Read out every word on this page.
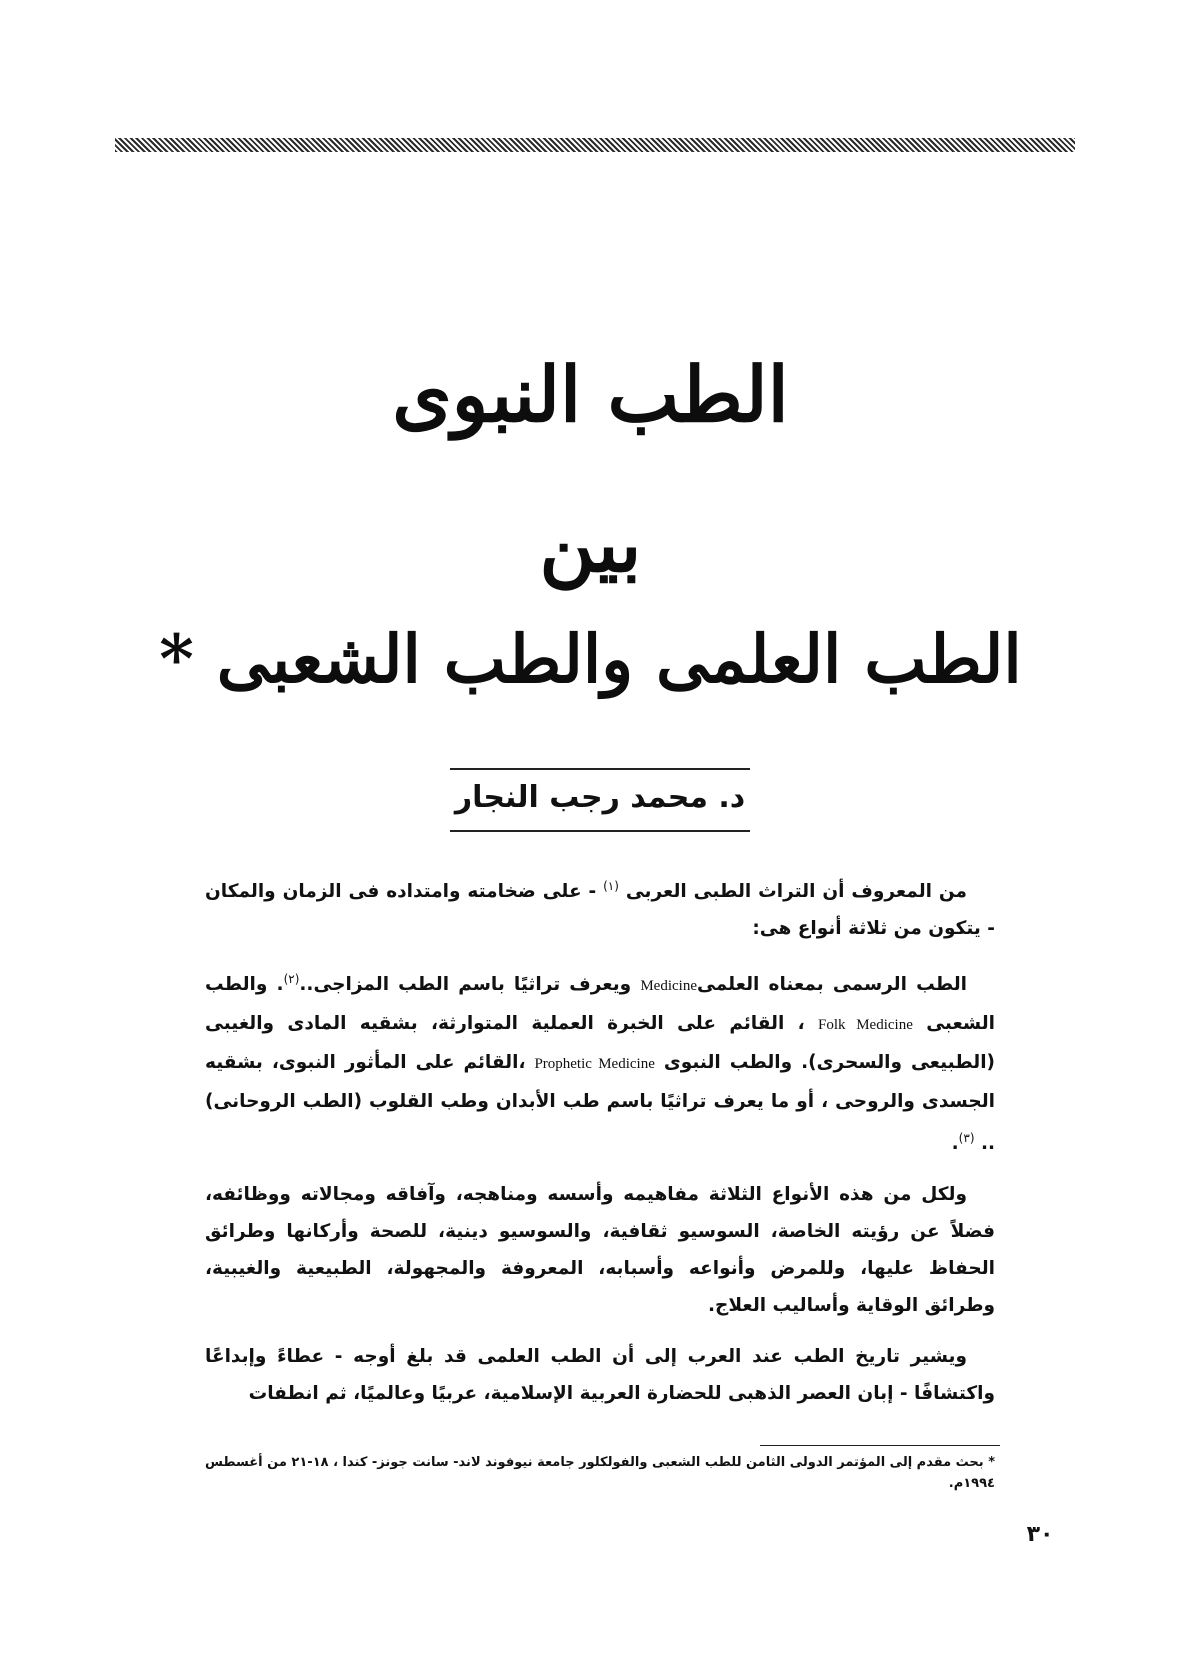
الطب النبوى
بين
الطب العلمى والطب الشعبى *
د. محمد رجب النجار

من المعروف أن التراث الطبى العربى $^{(١)}$ - على ضخامته وامتداده فى الزمان والمكان - يتكون من ثلاثة أنواع هى:

الطب الرسمى بمعناه العلمىMedicine ويعرف تراثيًا باسم الطب المزاجى..$^{(٢)}$. والطب الشعبى Folk Medicine ، القائم على الخبرة العملية المتوارثة، بشقيه المادى والغيبى (الطبيعى والسحرى). والطب النبوى Prophetic Medicine ،القائم على المأثور النبوى، بشقيه الجسدى والروحى ، أو ما يعرف تراثيًا باسم طب الأبدان وطب القلوب (الطب الروحانى) .. $^{(٣)}$.

ولكل من هذه الأنواع الثلاثة مفاهيمه وأسسه ومناهجه، وآفاقه ومجالاته ووظائفه، فضلاً عن رؤيته الخاصة، السوسيو ثقافية، والسوسيو دينية، للصحة وأركانها وطرائق الحفاظ عليها، وللمرض وأنواعه وأسبابه، المعروفة والمجهولة، الطبيعية والغيبية، وطرائق الوقاية وأساليب العلاج.

ويشير تاريخ الطب عند العرب إلى أن الطب العلمى قد بلغ أوجه - عطاءً وإبداعًا واكتشافًا - إبان العصر الذهبى للحضارة العربية الإسلامية، عربيًا وعالميًا، ثم انطفات

* بحث مقدم إلى المؤتمر الدولى الثامن للطب الشعبى والفولكلور جامعة نيوفوند لاند- سانت جونز- كندا ، ١٨-٢١ من أغسطس ١٩٩٤م.
٣٠
